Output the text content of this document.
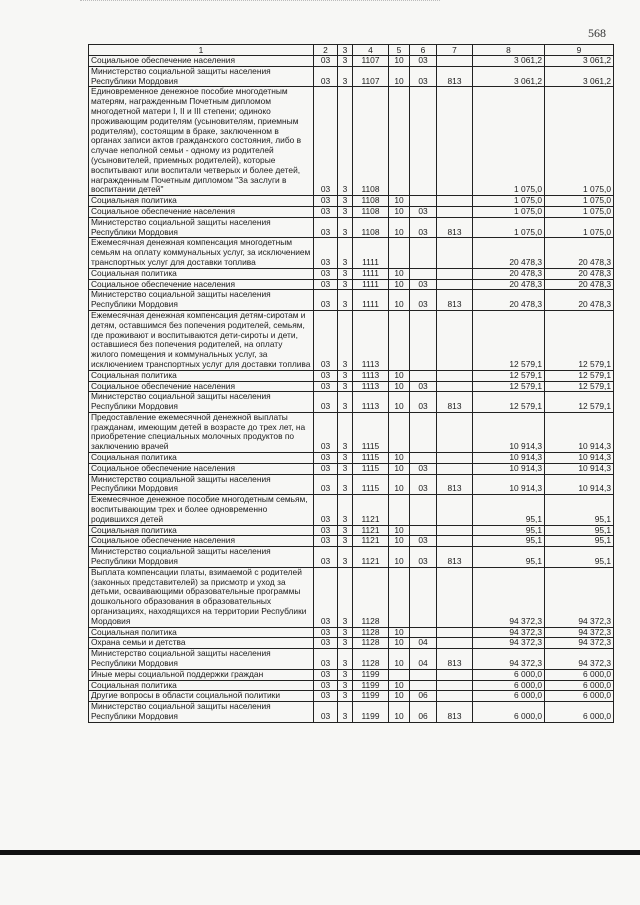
568
1	2	3	4	5	6	7	8	9
Социальное обеспечение населения	03	3	1107	10	03		3 061,2	3 061,2
Министерство социальной защиты населения Республики Мордовия	03	3	1107	10	03	813	3 061,2	3 061,2
Единовременное денежное пособие многодетным матерям, награжденным Почетным дипломом многодетной матери I, II и III степени; одиноко проживающим родителям (усыновителям, приемным родителям), состоящим в браке, заключенном в органах записи актов гражданского состояния, либо в случае неполной семьи - одному из родителей (усыновителей, приемных родителей), которые воспитывают или воспитали четверых и более детей, награжденным Почетным дипломом "За заслуги в воспитании детей"	03	3	1108				1 075,0	1 075,0
Социальная политика	03	3	1108	10			1 075,0	1 075,0
Социальное обеспечение населения	03	3	1108	10	03		1 075,0	1 075,0
Министерство социальной защиты населения Республики Мордовия	03	3	1108	10	03	813	1 075,0	1 075,0
Ежемесячная денежная компенсация многодетным семьям на оплату коммунальных услуг, за исключением транспортных услуг для доставки топлива	03	3	1111				20 478,3	20 478,3
Социальная политика	03	3	1111	10			20 478,3	20 478,3
Социальное обеспечение населения	03	3	1111	10	03		20 478,3	20 478,3
Министерство социальной защиты населения Республики Мордовия	03	3	1111	10	03	813	20 478,3	20 478,3
Ежемесячная денежная компенсация детям-сиротам и детям, оставшимся без попечения родителей, семьям, где проживают и воспитываются дети-сироты и дети, оставшиеся без попечения родителей, на оплату жилого помещения и коммунальных услуг, за исключением транспортных услуг для доставки топлива	03	3	1113				12 579,1	12 579,1
Социальная политика	03	3	1113	10			12 579,1	12 579,1
Социальное обеспечение населения	03	3	1113	10	03		12 579,1	12 579,1
Министерство социальной защиты населения Республики Мордовия	03	3	1113	10	03	813	12 579,1	12 579,1
Предоставление ежемесячной денежной выплаты гражданам, имеющим детей в возрасте до трех лет, на приобретение специальных молочных продуктов по заключению врачей	03	3	1115				10 914,3	10 914,3
Социальная политика	03	3	1115	10			10 914,3	10 914,3
Социальное обеспечение населения	03	3	1115	10	03		10 914,3	10 914,3
Министерство социальной защиты населения Республики Мордовия	03	3	1115	10	03	813	10 914,3	10 914,3
Ежемесячное денежное пособие многодетным семьям, воспитывающим трех и более одновременно родившихся детей	03	3	1121				95,1	95,1
Социальная политика	03	3	1121	10			95,1	95,1
Социальное обеспечение населения	03	3	1121	10	03		95,1	95,1
Министерство социальной защиты населения Республики Мордовия	03	3	1121	10	03	813	95,1	95,1
Выплата компенсации платы, взимаемой с родителей (законных представителей) за присмотр и уход за детьми, осваивающими образовательные программы дошкольного образования в образовательных организациях, находящихся на территории Республики Мордовия	03	3	1128				94 372,3	94 372,3
Социальная политика	03	3	1128	10			94 372,3	94 372,3
Охрана семьи и детства	03	3	1128	10	04		94 372,3	94 372,3
Министерство социальной защиты населения Республики Мордовия	03	3	1128	10	04	813	94 372,3	94 372,3
Иные меры социальной поддержки граждан	03	3	1199				6 000,0	6 000,0
Социальная политика	03	3	1199	10			6 000,0	6 000,0
Другие вопросы в области социальной политики	03	3	1199	10	06		6 000,0	6 000,0
Министерство социальной защиты населения Республики Мордовия	03	3	1199	10	06	813	6 000,0	6 000,0
